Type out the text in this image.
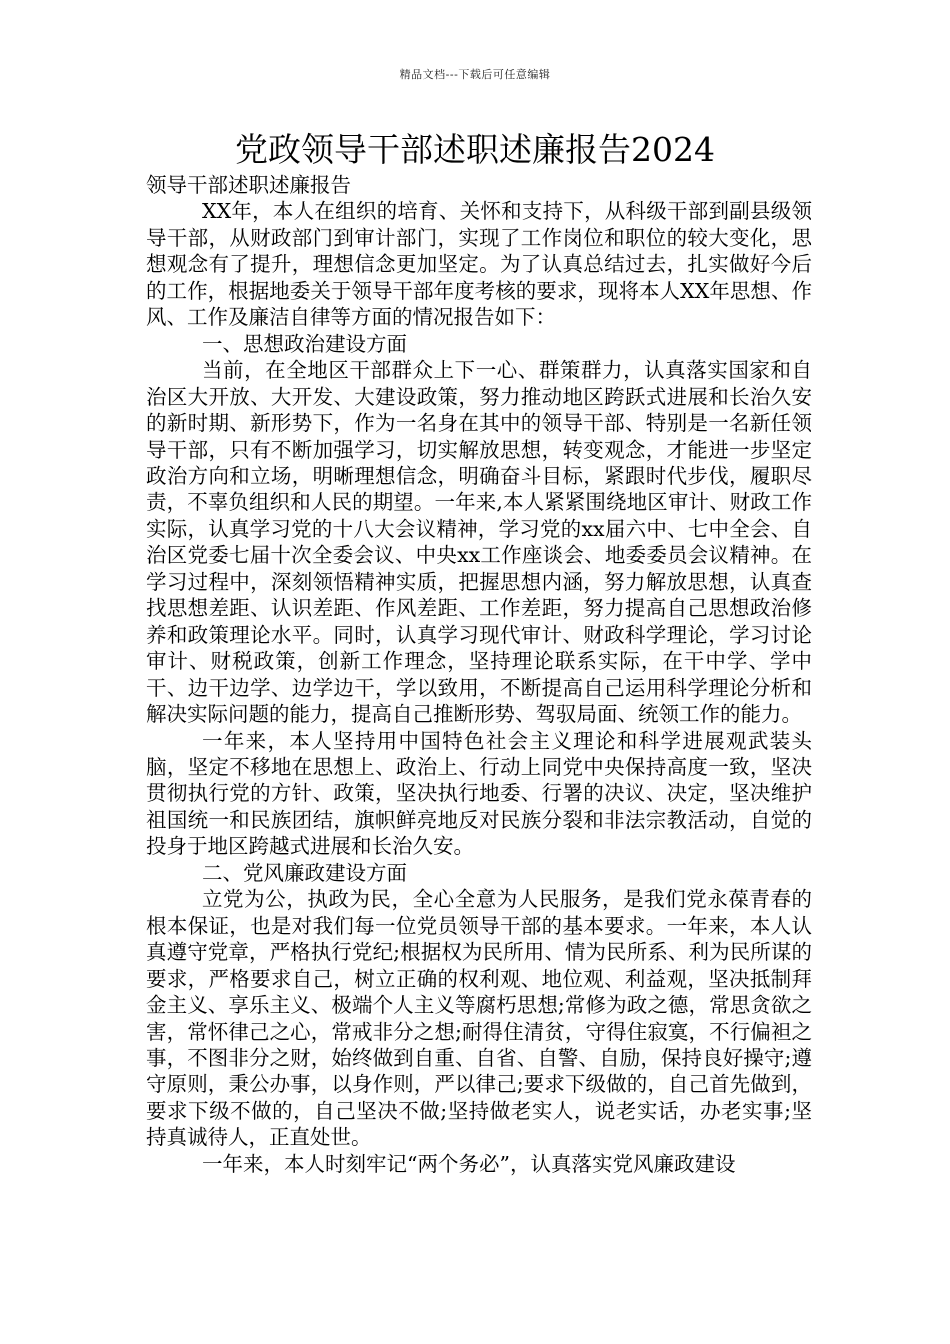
精品文档---下载后可任意编辑
党政领导干部述职述廉报告2024

领导干部述职述廉报告

XX年，本人在组织的培育、关怀和支持下，从科级干部到副县级领导干部，从财政部门到审计部门，实现了工作岗位和职位的较大变化，思想观念有了提升，理想信念更加坚定。为了认真总结过去，扎实做好今后的工作，根据地委关于领导干部年度考核的要求，现将本人XX年思想、作风、工作及廉洁自律等方面的情况报告如下：

一、思想政治建设方面

当前，在全地区干部群众上下一心、群策群力，认真落实国家和自治区大开放、大开发、大建设政策，努力推动地区跨跃式进展和长治久安的新时期、新形势下，作为一名身在其中的领导干部、特别是一名新任领导干部，只有不断加强学习，切实解放思想，转变观念，才能进一步坚定政治方向和立场，明晰理想信念，明确奋斗目标，紧跟时代步伐，履职尽责，不辜负组织和人民的期望。一年来,本人紧紧围绕地区审计、财政工作实际，认真学习党的十八大会议精神，学习党的xx届六中、七中全会、自治区党委七届十次全委会议、中央xx工作座谈会、地委委员会议精神。在学习过程中，深刻领悟精神实质，把握思想内涵，努力解放思想，认真查找思想差距、认识差距、作风差距、工作差距，努力提高自己思想政治修养和政策理论水平。同时，认真学习现代审计、财政科学理论，学习讨论审计、财税政策，创新工作理念，坚持理论联系实际，在干中学、学中干、边干边学、边学边干，学以致用，不断提高自己运用科学理论分析和解决实际问题的能力，提高自己推断形势、驾驭局面、统领工作的能力。

一年来，本人坚持用中国特色社会主义理论和科学进展观武装头脑，坚定不移地在思想上、政治上、行动上同党中央保持高度一致，坚决贯彻执行党的方针、政策，坚决执行地委、行署的决议、决定，坚决维护祖国统一和民族团结，旗帜鲜亮地反对民族分裂和非法宗教活动，自觉的投身于地区跨越式进展和长治久安。

二、党风廉政建设方面

立党为公，执政为民，全心全意为人民服务，是我们党永葆青春的根本保证，也是对我们每一位党员领导干部的基本要求。一年来，本人认真遵守党章，严格执行党纪;根据权为民所用、情为民所系、利为民所谋的要求，严格要求自己，树立正确的权利观、地位观、利益观，坚决抵制拜金主义、享乐主义、极端个人主义等腐朽思想;常修为政之德，常思贪欲之害，常怀律己之心，常戒非分之想;耐得住清贫，守得住寂寞，不行偏袒之事，不图非分之财，始终做到自重、自省、自警、自励，保持良好操守;遵守原则，秉公办事，以身作则，严以律己;要求下级做的，自己首先做到，要求下级不做的，自己坚决不做;坚持做老实人，说老实话，办老实事;坚持真诚待人，正直处世。

一年来，本人时刻牢记“两个务必”，认真落实党风廉政建设
